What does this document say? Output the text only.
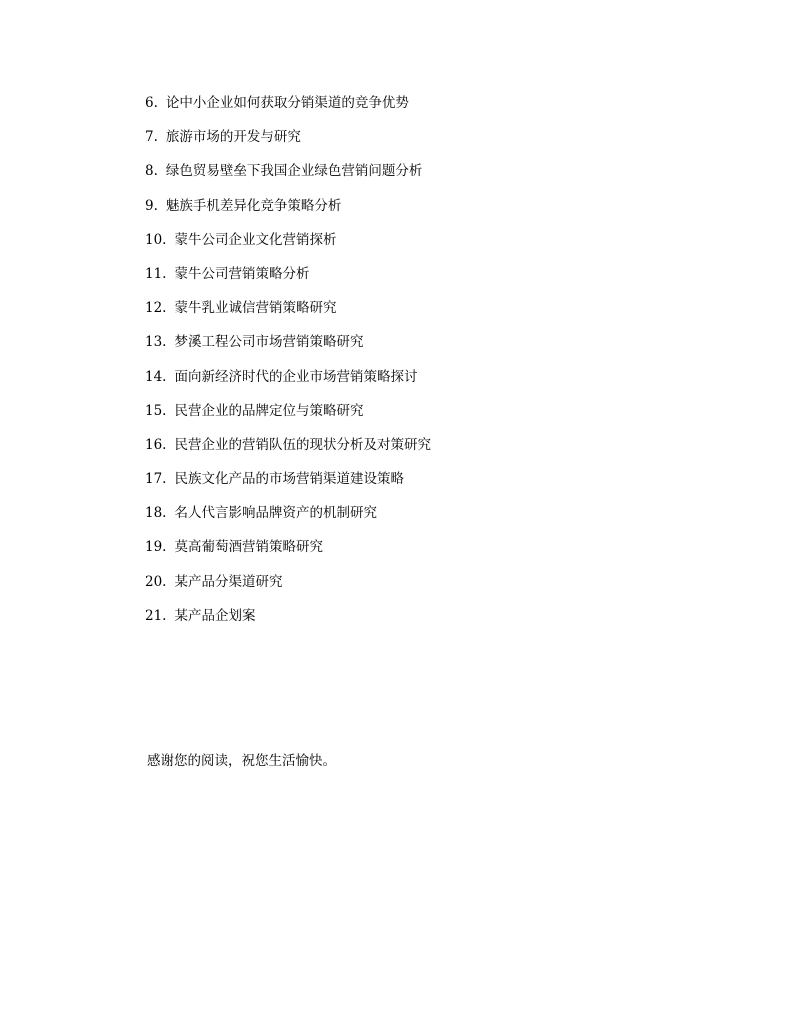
6. 论中小企业如何获取分销渠道的竞争优势
7. 旅游市场的开发与研究
8. 绿色贸易壁垒下我国企业绿色营销问题分析
9. 魅族手机差异化竞争策略分析
10. 蒙牛公司企业文化营销探析
11. 蒙牛公司营销策略分析
12. 蒙牛乳业诚信营销策略研究
13. 梦溪工程公司市场营销策略研究
14. 面向新经济时代的企业市场营销策略探讨
15. 民营企业的品牌定位与策略研究
16. 民营企业的营销队伍的现状分析及对策研究
17. 民族文化产品的市场营销渠道建设策略
18. 名人代言影响品牌资产的机制研究
19. 莫高葡萄酒营销策略研究
20. 某产品分渠道研究
21. 某产品企划案

感谢您的阅读，祝您生活愉快。
